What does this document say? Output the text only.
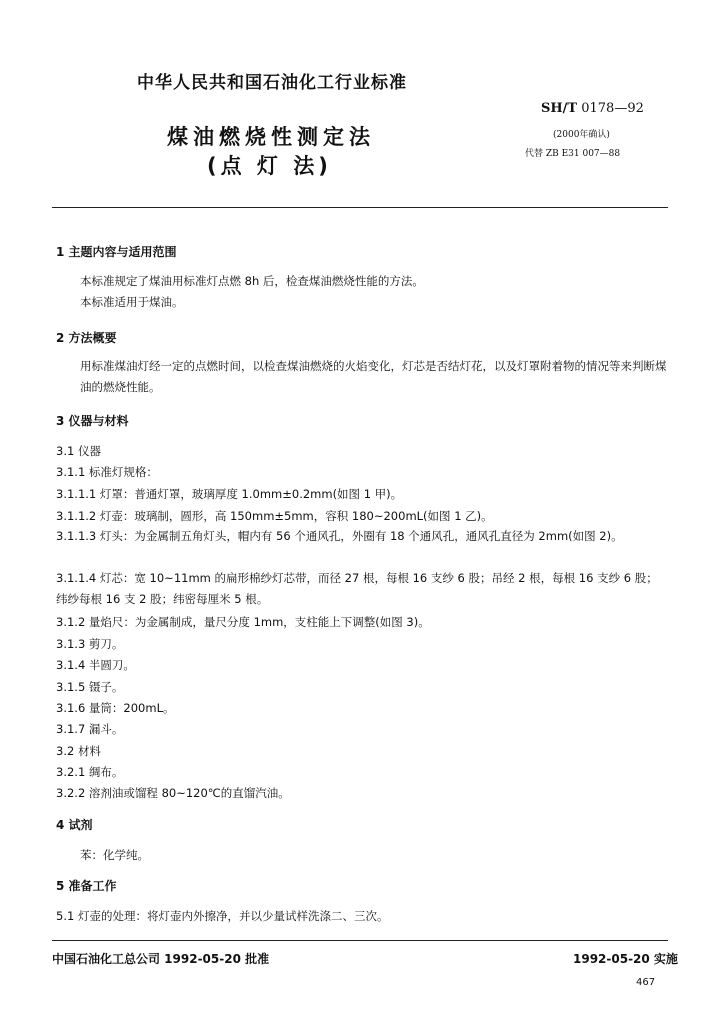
中华人民共和国石油化工行业标准
煤油燃烧性测定法
(点 灯 法)
SH/T 0178—92
(2000年确认)
代替 ZB E31 007—88
1 主题内容与适用范围
本标准规定了煤油用标准灯点燃 8h 后，检查煤油燃烧性能的方法。
本标准适用于煤油。
2 方法概要
用标准煤油灯经一定的点燃时间，以检查煤油燃烧的火焰变化，灯芯是否结灯花，以及灯罩附着物的情况等来判断煤油的燃烧性能。
3 仪器与材料
3.1 仪器
3.1.1 标准灯规格：
3.1.1.1 灯罩：普通灯罩，玻璃厚度 1.0mm±0.2mm(如图 1 甲)。
3.1.1.2 灯壶：玻璃制，圆形，高 150mm±5mm，容积 180~200mL(如图 1 乙)。
3.1.1.3 灯头：为金属制五角灯头，帽内有 56 个通风孔，外圈有 18 个通风孔，通风孔直径为 2mm(如图 2)。
3.1.1.4 灯芯：宽 10~11mm 的扁形棉纱灯芯带，而径 27 根，每根 16 支纱 6 股；吊经 2 根，每根 16 支纱 6 股；纬纱每根 16 支 2 股；纬密每厘米 5 根。
3.1.2 量焰尺：为金属制成，量尺分度 1mm，支柱能上下调整(如图 3)。
3.1.3 剪刀。
3.1.4 半圆刀。
3.1.5 镊子。
3.1.6 量筒：200mL。
3.1.7 漏斗。
3.2 材料
3.2.1 绸布。
3.2.2 溶剂油或馏程 80~120℃的直馏汽油。
4 试剂
苯：化学纯。
5 准备工作
5.1 灯壶的处理：将灯壶内外擦净，并以少量试样洗涤二、三次。
中国石油化工总公司 1992-05-20 批准	1992-05-20 实施
467
